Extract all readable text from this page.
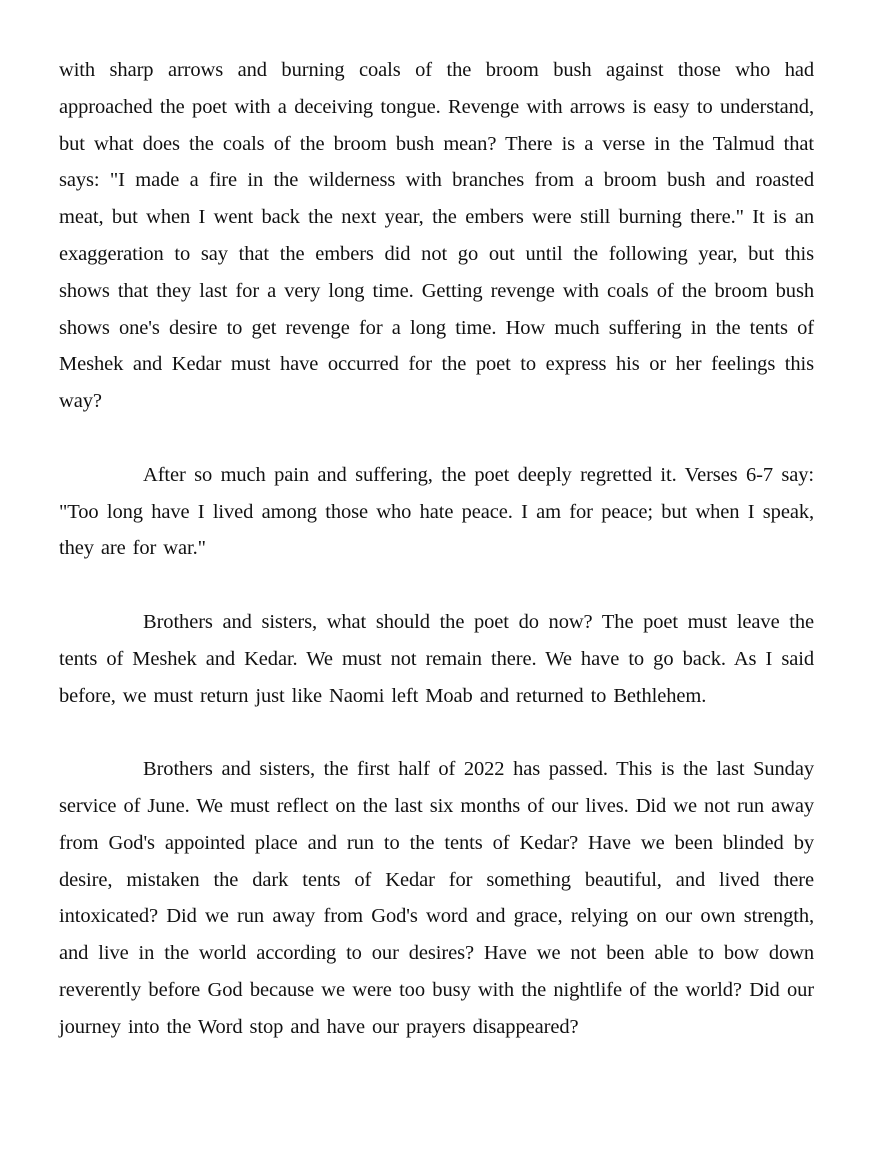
with sharp arrows and burning coals of the broom bush against those who had approached the poet with a deceiving tongue. Revenge with arrows is easy to understand, but what does the coals of the broom bush mean? There is a verse in the Talmud that says: "I made a fire in the wilderness with branches from a broom bush and roasted meat, but when I went back the next year, the embers were still burning there." It is an exaggeration to say that the embers did not go out until the following year, but this shows that they last for a very long time. Getting revenge with coals of the broom bush shows one's desire to get revenge for a long time. How much suffering in the tents of Meshek and Kedar must have occurred for the poet to express his or her feelings this way?

After so much pain and suffering, the poet deeply regretted it. Verses 6-7 say: "Too long have I lived among those who hate peace. I am for peace; but when I speak, they are for war."

Brothers and sisters, what should the poet do now? The poet must leave the tents of Meshek and Kedar. We must not remain there. We have to go back. As I said before, we must return just like Naomi left Moab and returned to Bethlehem.

Brothers and sisters, the first half of 2022 has passed. This is the last Sunday service of June. We must reflect on the last six months of our lives. Did we not run away from God's appointed place and run to the tents of Kedar? Have we been blinded by desire, mistaken the dark tents of Kedar for something beautiful, and lived there intoxicated? Did we run away from God's word and grace, relying on our own strength, and live in the world according to our desires? Have we not been able to bow down reverently before God because we were too busy with the nightlife of the world? Did our journey into the Word stop and have our prayers disappeared?
